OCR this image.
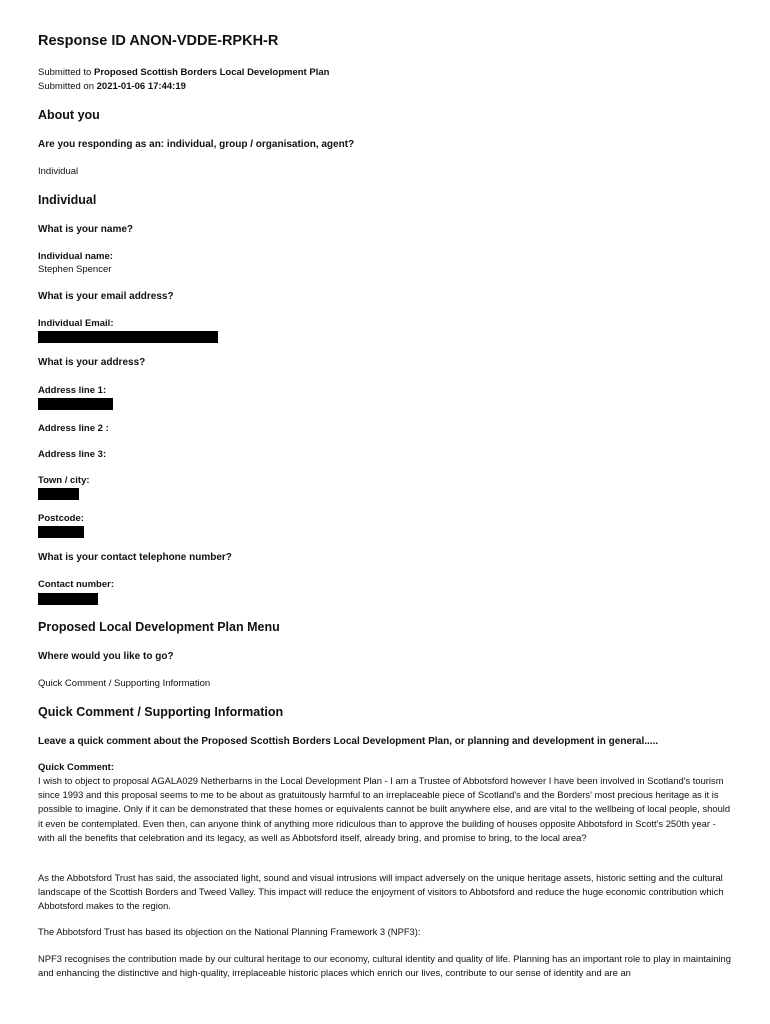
Response ID ANON-VDDE-RPKH-R
Submitted to Proposed Scottish Borders Local Development Plan
Submitted on 2021-01-06 17:44:19
About you
Are you responding as an: individual, group / organisation, agent?
Individual
Individual
What is your name?
Individual name:
Stephen Spencer
What is your email address?
Individual Email:
What is your address?
Address line 1:
Address line 2 :
Address line 3:
Town / city:
Postcode:
What is your contact telephone number?
Contact number:
Proposed Local Development Plan Menu
Where would you like to go?
Quick Comment / Supporting Information
Quick Comment / Supporting Information
Leave a quick comment about the Proposed Scottish Borders Local Development Plan, or planning and development in general.....
Quick Comment:
I wish to object to proposal AGALA029 Netherbarns in the Local Development Plan - I am a Trustee of Abbotsford however I have been involved in Scotland's tourism since 1993 and this proposal seems to me to be about as gratuitously harmful to an irreplaceable piece of Scotland's and the Borders' most precious heritage as it is possible to imagine. Only if it can be demonstrated that these homes or equivalents cannot be built anywhere else, and are vital to the wellbeing of local people, should it even be contemplated. Even then, can anyone think of anything more ridiculous than to approve the building of houses opposite Abbotsford in Scott's 250th year - with all the benefits that celebration and its legacy, as well as Abbotsford itself, already bring, and promise to bring, to the local area?
As the Abbotsford Trust has said, the associated light, sound and visual intrusions will impact adversely on the unique heritage assets, historic setting and the cultural landscape of the Scottish Borders and Tweed Valley. This impact will reduce the enjoyment of visitors to Abbotsford and reduce the huge economic contribution which Abbotsford makes to the region.
The Abbotsford Trust has based its objection on the National Planning Framework 3 (NPF3):
NPF3 recognises the contribution made by our cultural heritage to our economy, cultural identity and quality of life. Planning has an important role to play in maintaining and enhancing the distinctive and high-quality, irreplaceable historic places which enrich our lives, contribute to our sense of identity and are an
